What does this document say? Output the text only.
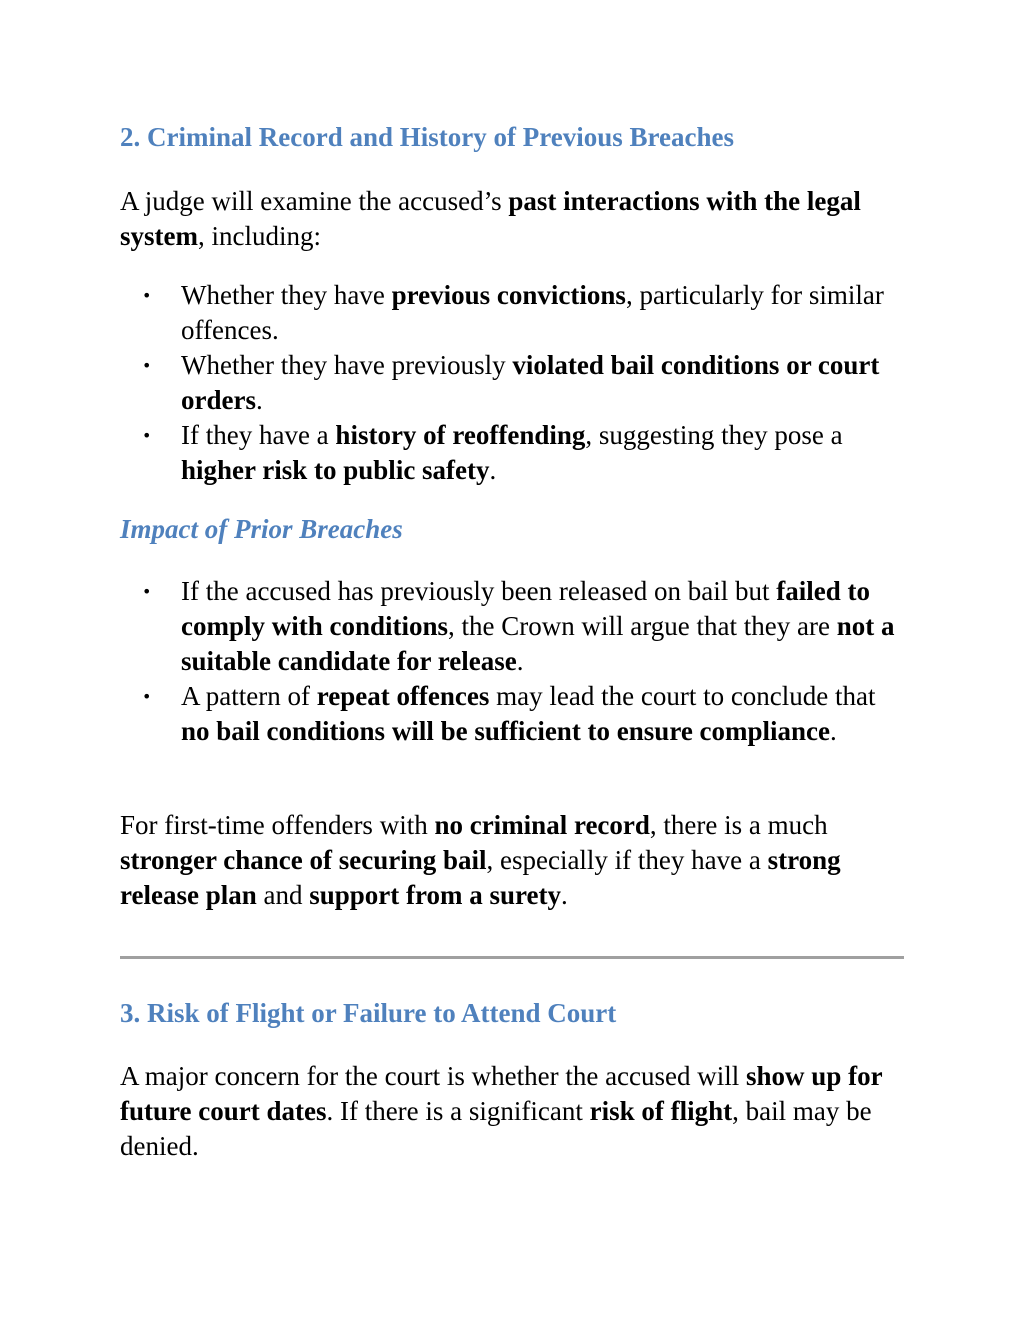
2. Criminal Record and History of Previous Breaches

A judge will examine the accused’s past interactions with the legal system, including:

• Whether they have previous convictions, particularly for similar offences.
• Whether they have previously violated bail conditions or court orders.
• If they have a history of reoffending, suggesting they pose a higher risk to public safety.
Impact of Prior Breaches
• If the accused has previously been released on bail but failed to comply with conditions, the Crown will argue that they are not a suitable candidate for release.
• A pattern of repeat offences may lead the court to conclude that no bail conditions will be sufficient to ensure compliance.

For first-time offenders with no criminal record, there is a much stronger chance of securing bail, especially if they have a strong release plan and support from a surety.

3. Risk of Flight or Failure to Attend Court

A major concern for the court is whether the accused will show up for future court dates. If there is a significant risk of flight, bail may be denied.
